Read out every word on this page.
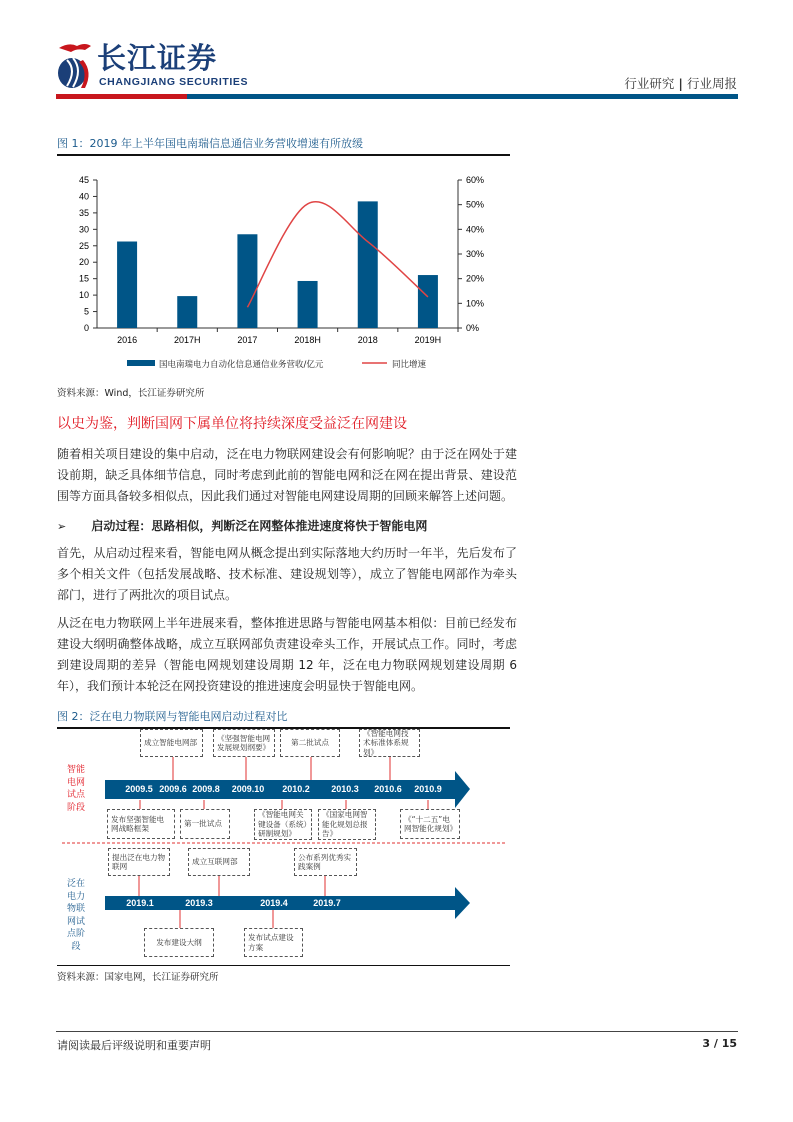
长江证券
CHANGJIANG SECURITIES	行业研究 | 行业周报
图 1：2019 年上半年国电南瑞信息通信业务营收增速有所放缓
0
5
10
15
20
25
30
35
40
45
0%
10%
20%
30%
40%
50%
60%
2016	2017H	2017	2018H	2018	2019H
国电南瑞电力自动化信息通信业务营收/亿元	同比增速
资料来源：Wind，长江证券研究所
以史为鉴，判断国网下属单位将持续深度受益泛在网建设
随着相关项目建设的集中启动，泛在电力物联网建设会有何影响呢？由于泛在网处于建设前期，缺乏具体细节信息，同时考虑到此前的智能电网和泛在网在提出背景、建设范围等方面具备较多相似点，因此我们通过对智能电网建设周期的回顾来解答上述问题。
➢ 启动过程：思路相似，判断泛在网整体推进速度将快于智能电网
首先，从启动过程来看，智能电网从概念提出到实际落地大约历时一年半，先后发布了多个相关文件（包括发展战略、技术标准、建设规划等），成立了智能电网部作为牵头部门，进行了两批次的项目试点。
从泛在电力物联网上半年进展来看，整体推进思路与智能电网基本相似：目前已经发布建设大纲明确整体战略，成立互联网部负责建设牵头工作，开展试点工作。同时，考虑到建设周期的差异（智能电网规划建设周期 12 年，泛在电力物联网规划建设周期 6 年），我们预计本轮泛在网投资建设的推进速度会明显快于智能电网。
图 2：泛在电力物联网与智能电网启动过程对比
智能电网试点阶段
泛在电力物联网试点阶段
2009.5 2009.6 2009.8 2009.10 2010.2 2010.3 2010.6 2010.9
成立智能电网部
《坚强智能电网发展规划纲要》
第二批试点
《智能电网技术标准体系规划》
发布坚强智能电网战略框架
第一批试点
《智能电网关键设备（系统）研制规划》
《国家电网智能化规划总报告》
《“十二五”电网智能化规划》
2019.1	2019.3	2019.4	2019.7
提出泛在电力物联网
成立互联网部
公布系列优秀实践案例
发布建设大纲
发布试点建设方案
资料来源：国家电网，长江证券研究所
请阅读最后评级说明和重要声明	3 / 15
